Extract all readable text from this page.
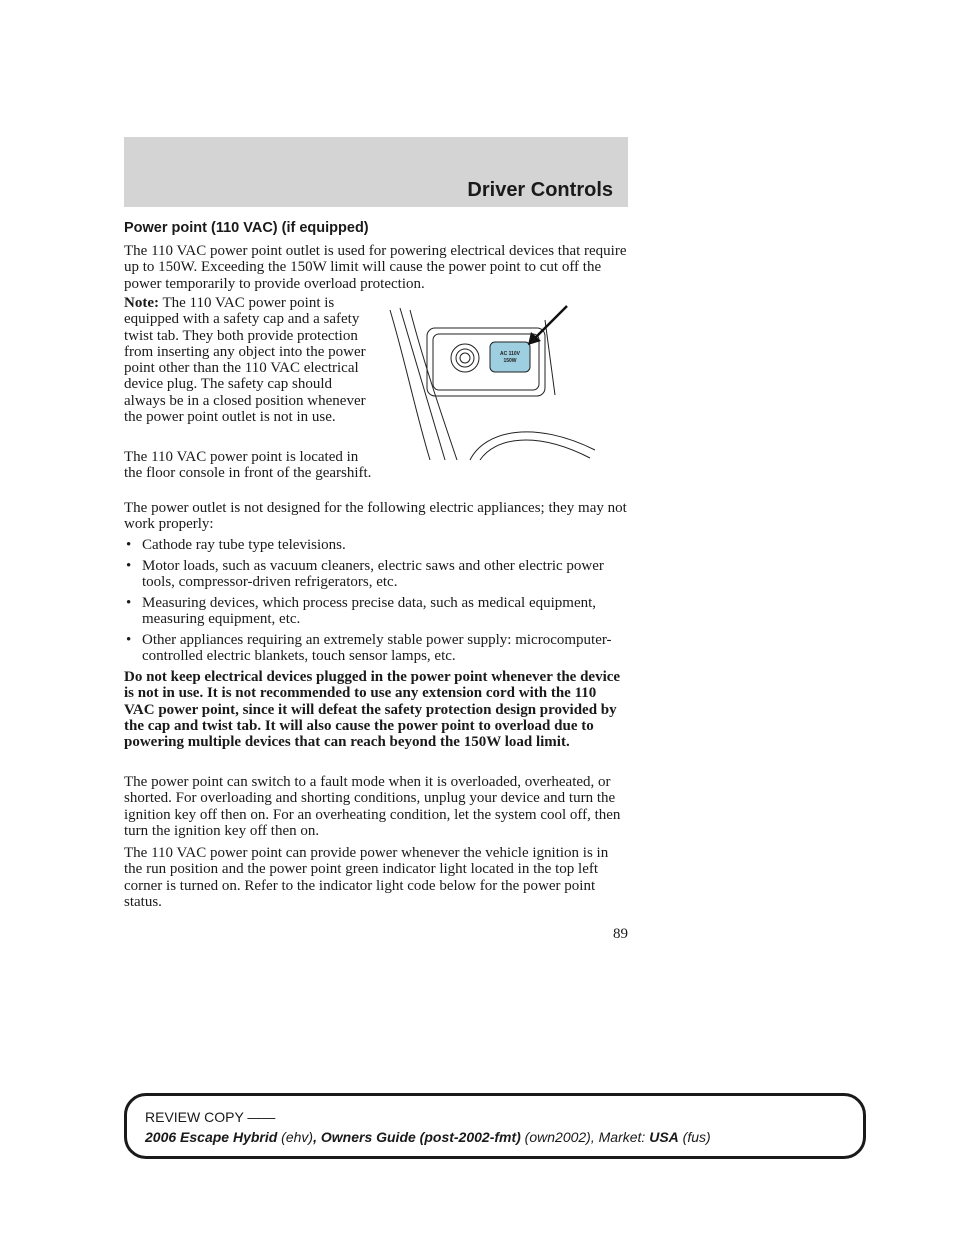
Driver Controls
Power point (110 VAC) (if equipped)

The 110 VAC power point outlet is used for powering electrical devices that require up to 150W. Exceeding the 150W limit will cause the power point to cut off the power temporarily to provide overload protection.

Note: The 110 VAC power point is equipped with a safety cap and a safety twist tab. They both provide protection from inserting any object into the power point other than the 110 VAC electrical device plug. The safety cap should always be in a closed position whenever the power point outlet is not in use.

The 110 VAC power point is located in the floor console in front of the gearshift.

AC 110V
150W

The power outlet is not designed for the following electric appliances; they may not work properly:

• Cathode ray tube type televisions.
• Motor loads, such as vacuum cleaners, electric saws and other electric power tools, compressor-driven refrigerators, etc.
• Measuring devices, which process precise data, such as medical equipment, measuring equipment, etc.
• Other appliances requiring an extremely stable power supply: microcomputer-controlled electric blankets, touch sensor lamps, etc.

Do not keep electrical devices plugged in the power point whenever the device is not in use. It is not recommended to use any extension cord with the 110 VAC power point, since it will defeat the safety protection design provided by the cap and twist tab. It will also cause the power point to overload due to powering multiple devices that can reach beyond the 150W load limit.

The power point can switch to a fault mode when it is overloaded, overheated, or shorted. For overloading and shorting conditions, unplug your device and turn the ignition key off then on. For an overheating condition, let the system cool off, then turn the ignition key off then on.

The 110 VAC power point can provide power whenever the vehicle ignition is in the run position and the power point green indicator light located in the top left corner is turned on. Refer to the indicator light code below for the power point status.

89

REVIEW COPY ——

2006 Escape Hybrid (ehv), Owners Guide (post-2002-fmt) (own2002), Market: USA (fus)
